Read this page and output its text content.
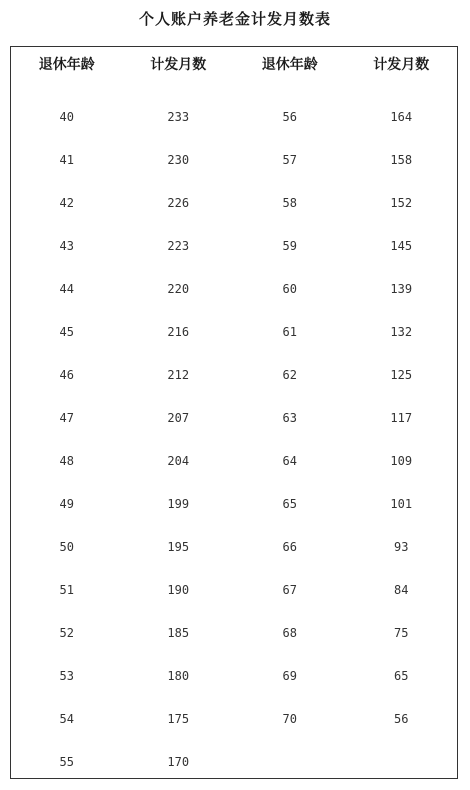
个人账户养老金计发月数表
退休年龄	计发月数	退休年龄	计发月数

40	233	56	164
41	230	57	158
42	226	58	152
43	223	59	145
44	220	60	139
45	216	61	132
46	212	62	125
47	207	63	117
48	204	64	109
49	199	65	101
50	195	66	93
51	190	67	84
52	185	68	75
53	180	69	65
54	175	70	56
55	170		
